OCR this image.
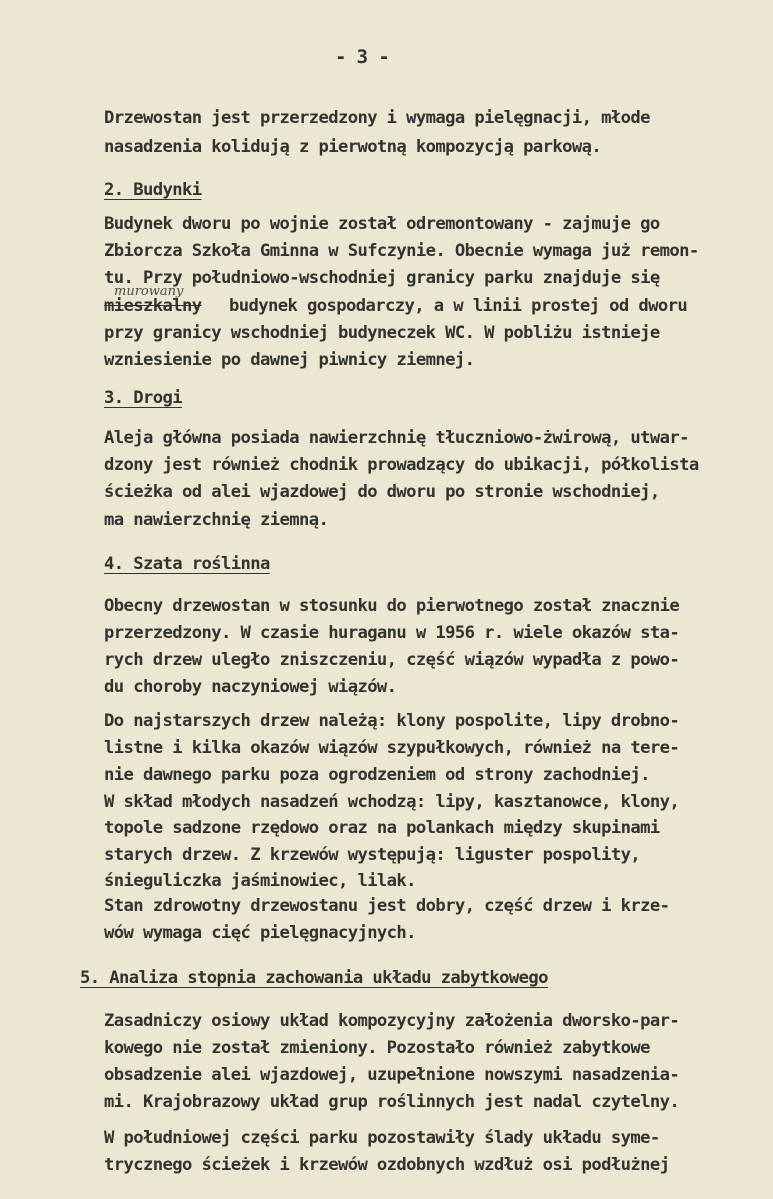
- 3 -
Drzewostan jest przerzedzony i wymaga pielęgnacji, młode
nasadzenia kolidują z pierwotną kompozycją parkową.
2. Budynki
Budynek dworu po wojnie został odremontowany - zajmuje go
Zbiorcza Szkoła Gminna w Sufczynie. Obecnie wymaga już remon-
tu. Przy południowo-wschodniej granicy parku znajduje się
murowany
mieszkalny budynek gospodarczy, a w linii prostej od dworu
przy granicy wschodniej budyneczek WC. W pobliżu istnieje
wzniesienie po dawnej piwnicy ziemnej.
3. Drogi
Aleja główna posiada nawierzchnię tłuczniowo-żwirową, utwar-
dzony jest również chodnik prowadzący do ubikacji, półkolista
ścieżka od alei wjazdowej do dworu po stronie wschodniej,
ma nawierzchnię ziemną.
4. Szata roślinna
Obecny drzewostan w stosunku do pierwotnego został znacznie
przerzedzony. W czasie huraganu w 1956 r. wiele okazów sta-
rych drzew uległo zniszczeniu, część wiązów wypadła z powo-
du choroby naczyniowej wiązów.
Do najstarszych drzew należą: klony pospolite, lipy drobno-
listne i kilka okazów wiązów szypułkowych, również na tere-
nie dawnego parku poza ogrodzeniem od strony zachodniej.
W skład młodych nasadzeń wchodzą: lipy, kasztanowce, klony,
topole sadzone rzędowo oraz na polankach między skupinami
starych drzew. Z krzewów występują: liguster pospolity,
śnieguliczka jaśminowiec, lilak.
Stan zdrowotny drzewostanu jest dobry, część drzew i krze-
wów wymaga cięć pielęgnacyjnych.
5. Analiza stopnia zachowania układu zabytkowego
Zasadniczy osiowy układ kompozycyjny założenia dworsko-par-
kowego nie został zmieniony. Pozostało również zabytkowe
obsadzenie alei wjazdowej, uzupełnione nowszymi nasadzenia-
mi. Krajobrazowy układ grup roślinnych jest nadal czytelny.
W południowej części parku pozostawiły ślady układu syme-
trycznego ścieżek i krzewów ozdobnych wzdłuż osi podłużnej
